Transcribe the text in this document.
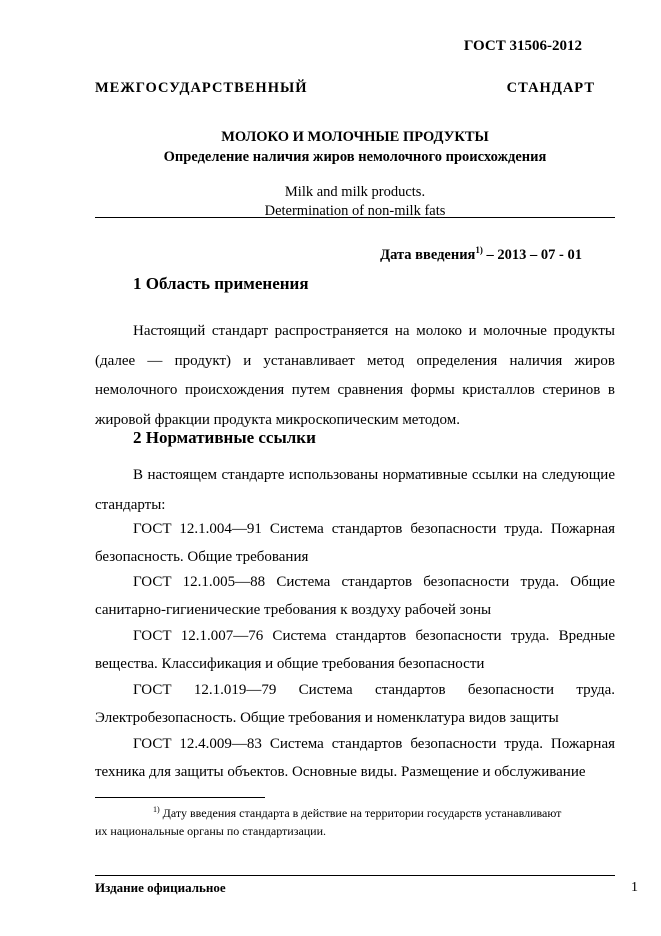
ГОСТ 31506-2012
МЕЖГОСУДАРСТВЕННЫЙ СТАНДАРТ
МОЛОКО И МОЛОЧНЫЕ ПРОДУКТЫ
Определение наличия жиров немолочного происхождения
Milk and milk products.
Determination of non-milk fats
Дата введения$^{1)}$ – 2013 – 07 - 01
1 Область применения

Настоящий стандарт распространяется на молоко и молочные продукты (далее — продукт) и устанавливает метод определения наличия жиров немолочного происхождения путем сравнения формы кристаллов стеринов в жировой фракции продукта микроскопическим методом.

2 Нормативные ссылки

В настоящем стандарте использованы нормативные ссылки на следующие стандарты:

ГОСТ 12.1.004—91 Система стандартов безопасности труда. Пожарная безопасность. Общие требования

ГОСТ 12.1.005—88 Система стандартов безопасности труда. Общие санитарно-гигиенические требования к воздуху рабочей зоны

ГОСТ 12.1.007—76 Система стандартов безопасности труда. Вредные вещества. Классификация и общие требования безопасности

ГОСТ 12.1.019—79 Система стандартов безопасности труда. Электробезопасность. Общие требования и номенклатура видов защиты

ГОСТ 12.4.009—83 Система стандартов безопасности труда. Пожарная техника для защиты объектов. Основные виды. Размещение и обслуживание

$^{1)}$ Дату введения стандарта в действие на территории государств устанавливают
их национальные органы по стандартизации.
Издание официальное	1
